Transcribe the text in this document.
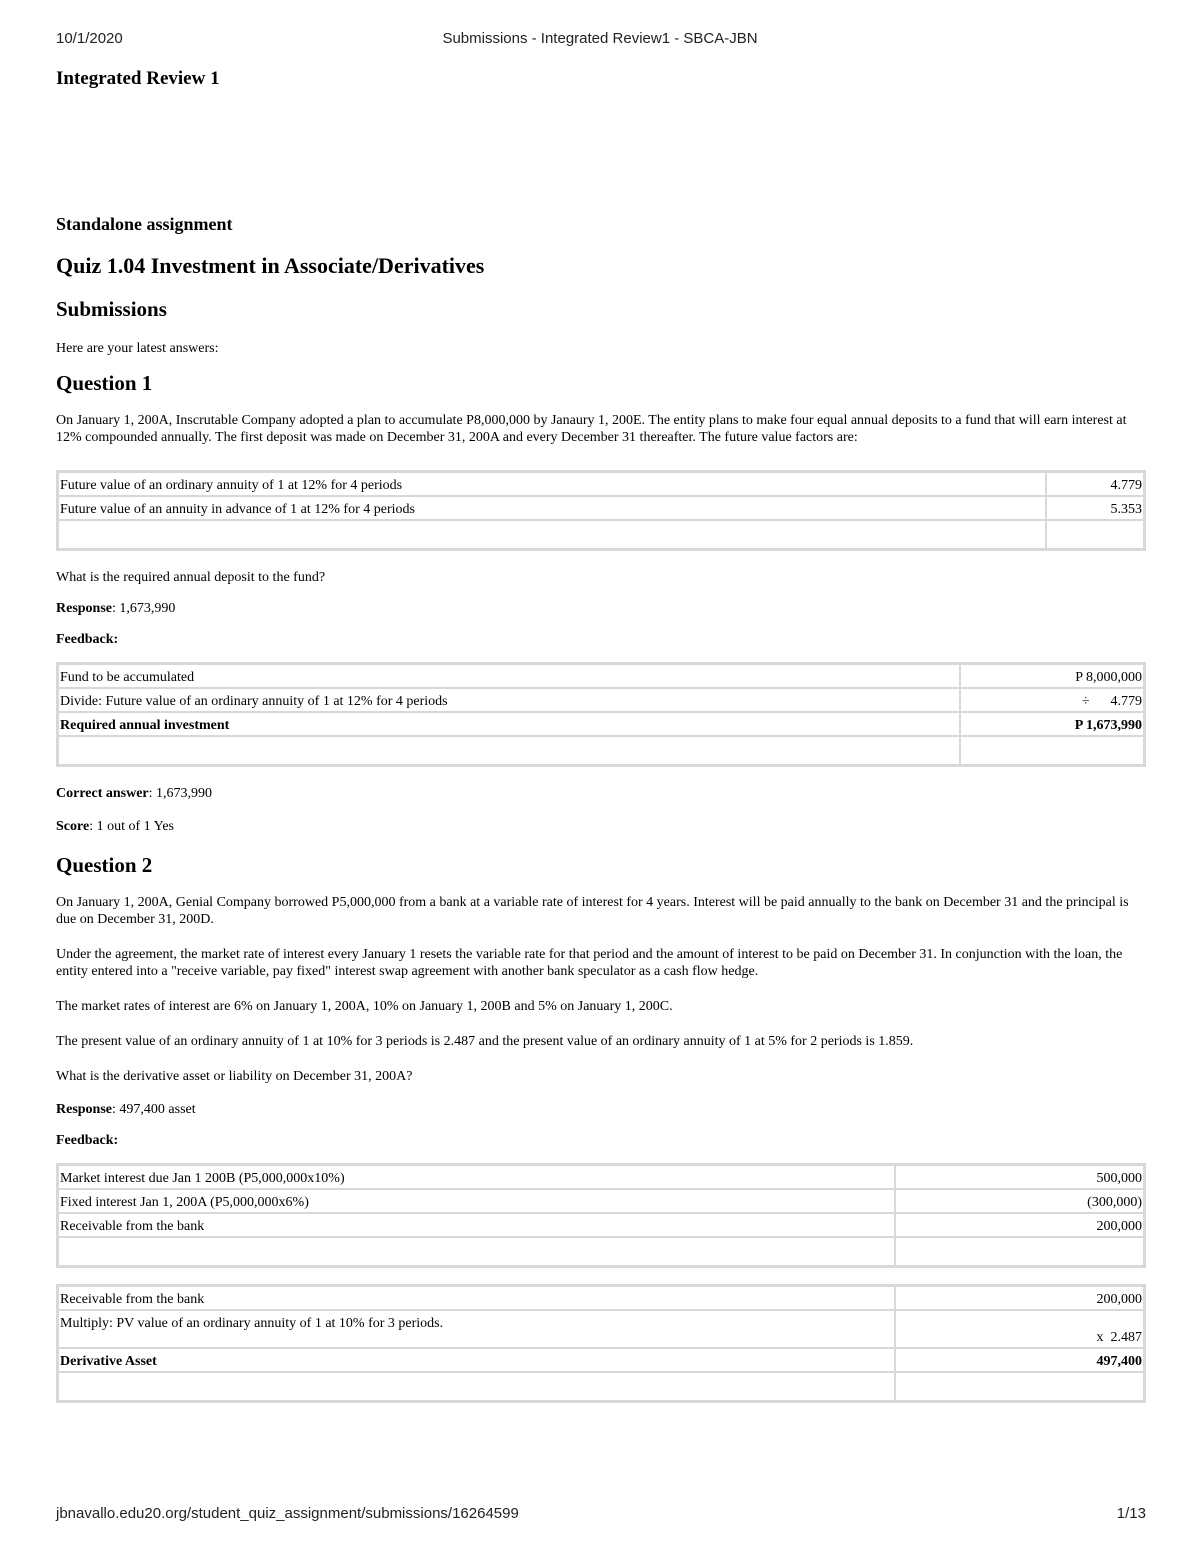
10/1/2020	Submissions - Integrated Review1 - SBCA-JBN
Integrated Review 1
Standalone assignment
Quiz 1.04 Investment in Associate/Derivatives
Submissions

Here are your latest answers:

Question 1

On January 1, 200A, Inscrutable Company adopted a plan to accumulate P8,000,000 by Janaury 1, 200E. The entity plans to make four equal annual deposits to a fund that will earn interest at 12% compounded annually. The first deposit was made on December 31, 200A and every December 31 thereafter. The future value factors are:

Future value of an ordinary annuity of 1 at 12% for 4 periods	4.779
Future value of an annuity in advance of 1 at 12% for 4 periods	5.353

What is the required annual deposit to the fund?

Response: 1,673,990

Feedback:

Fund to be accumulated	P 8,000,000
Divide: Future value of an ordinary annuity of 1 at 12% for 4 periods	÷      4.779
Required annual investment	P 1,673,990

Correct answer: 1,673,990

Score: 1 out of 1 Yes

Question 2

On January 1, 200A, Genial Company borrowed P5,000,000 from a bank at a variable rate of interest for 4 years. Interest will be paid annually to the bank on December 31 and the principal is due on December 31, 200D.

Under the agreement, the market rate of interest every January 1 resets the variable rate for that period and the amount of interest to be paid on December 31. In conjunction with the loan, the entity entered into a "receive variable, pay fixed" interest swap agreement with another bank speculator as a cash flow hedge.

The market rates of interest are 6% on January 1, 200A, 10% on January 1, 200B and 5% on January 1, 200C.

The present value of an ordinary annuity of 1 at 10% for 3 periods is 2.487 and the present value of an ordinary annuity of 1 at 5% for 2 periods is 1.859.

What is the derivative asset or liability on December 31, 200A?

Response: 497,400 asset

Feedback:

Market interest due Jan 1 200B (P5,000,000x10%)	500,000
Fixed interest Jan 1, 200A (P5,000,000x6%)	(300,000)
Receivable from the bank	200,000

Receivable from the bank	200,000
Multiply: PV value of an ordinary annuity of 1 at 10% for 3 periods.	x  2.487
Derivative Asset	497,400

jbnavallo.edu20.org/student_quiz_assignment/submissions/16264599	1/13
